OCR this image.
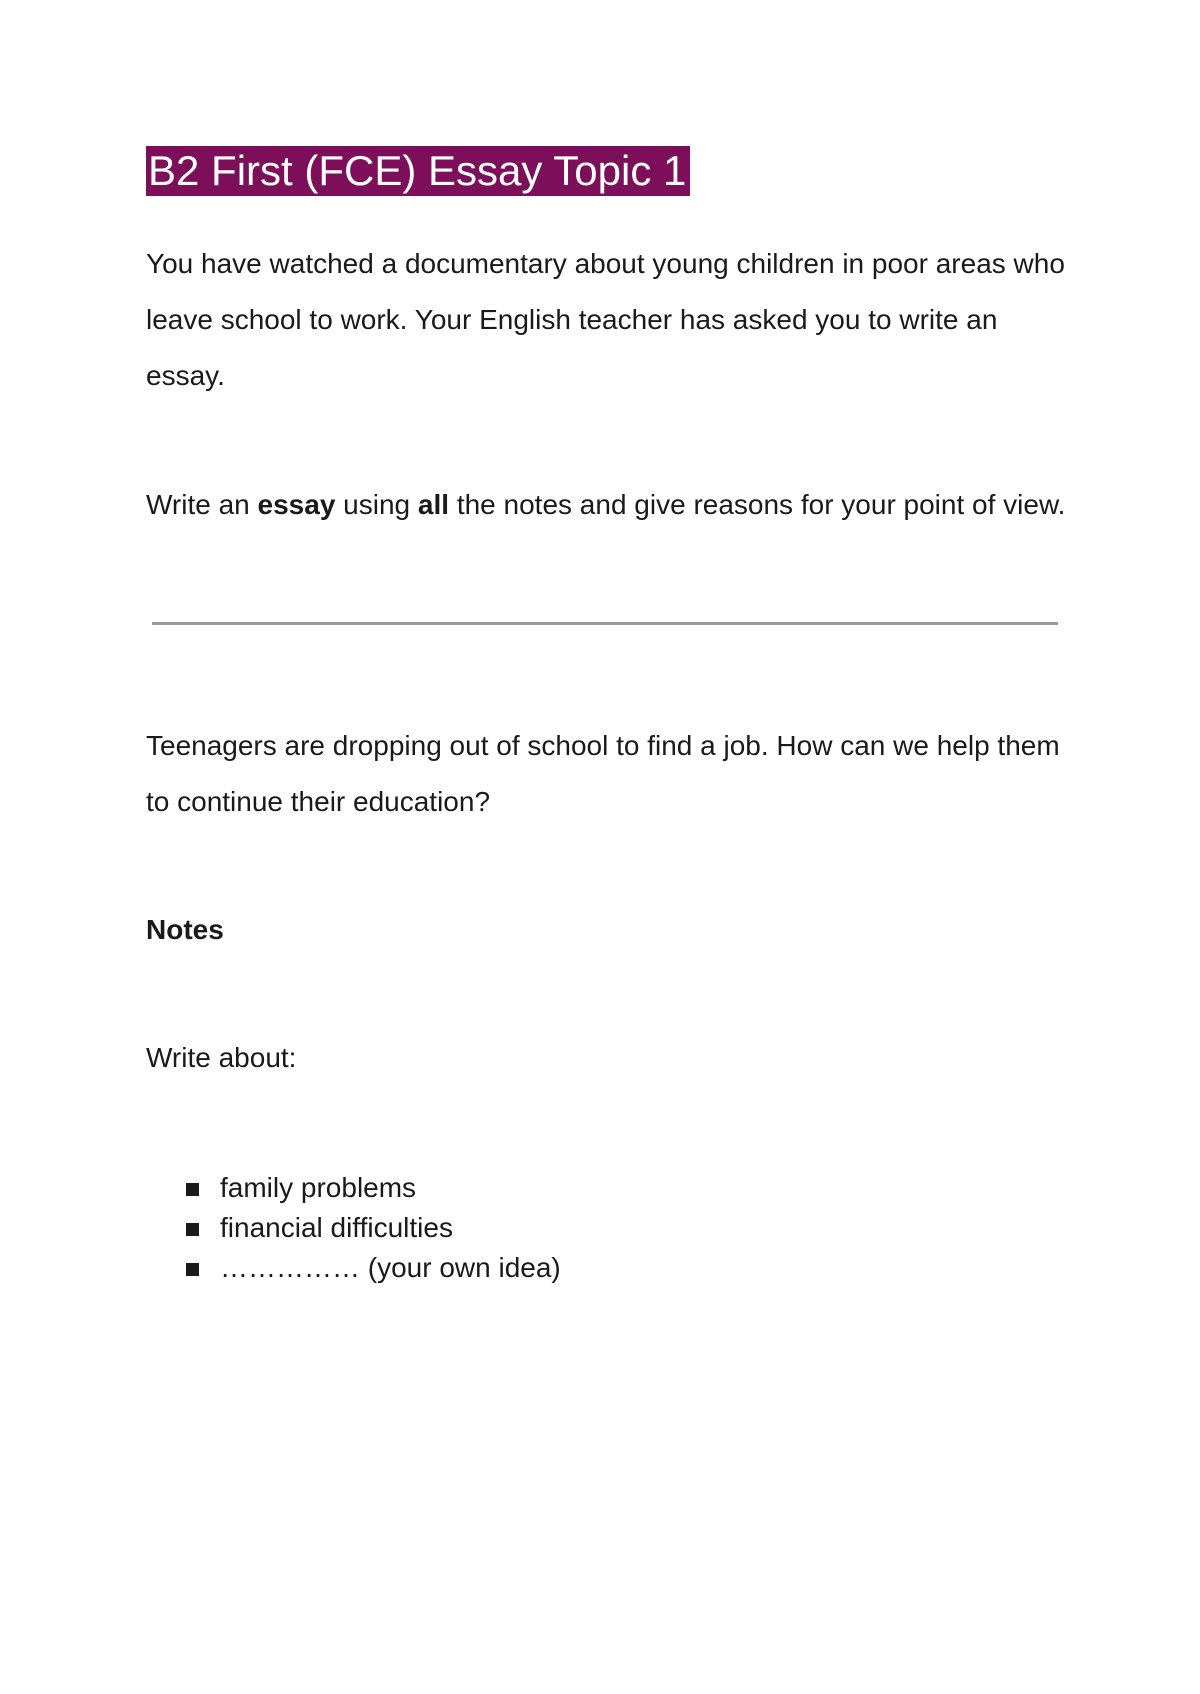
B2 First (FCE) Essay Topic 1

You have watched a documentary about young children in poor areas who leave school to work. Your English teacher has asked you to write an essay.

Write an essay using all the notes and give reasons for your point of view.

Teenagers are dropping out of school to find a job. How can we help them to continue their education?

Notes

Write about:

family problems
financial difficulties
…………… (your own idea)
